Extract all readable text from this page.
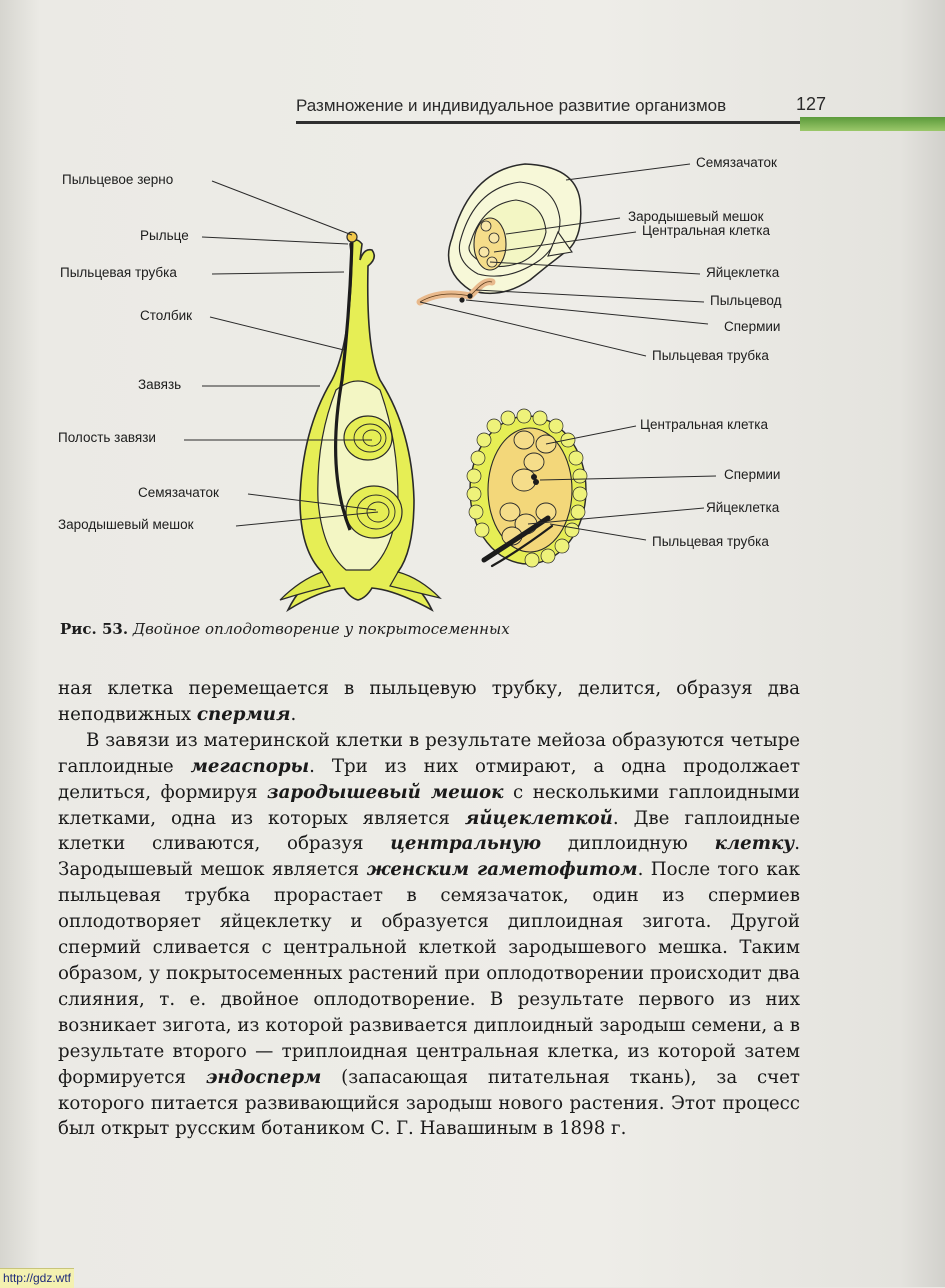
Размножение и индивидуальное развитие организмов	127
Пыльцевое зерно
Рыльце
Пыльцевая трубка
Столбик
Завязь
Полость завязи
Семязачаток
Зародышевый мешок
Семязачаток
Зародышевый мешок
Центральная клетка
Яйцеклетка
Пыльцевод
Спермии
Пыльцевая трубка
Центральная клетка
Спермии
Яйцеклетка
Пыльцевая трубка
Рис. 53. Двойное оплодотворение у покрытосеменных

ная клетка перемещается в пыльцевую трубку, делится, образуя два неподвижных спермия.

В завязи из материнской клетки в результате мейоза образуются четыре гаплоидные мегаспоры. Три из них отмирают, а одна продолжает делиться, формируя зародышевый мешок с несколькими гаплоидными клетками, одна из которых является яйцеклеткой. Две гаплоидные клетки сливаются, образуя центральную диплоидную клетку. Зародышевый мешок является женским гаметофитом. После того как пыльцевая трубка прорастает в семязачаток, один из спермиев оплодотворяет яйцеклетку и образуется диплоидная зигота. Другой спермий сливается с центральной клеткой зародышевого мешка. Таким образом, у покрытосеменных растений при оплодотворении происходит два слияния, т. е. двойное оплодотворение. В результате первого из них возникает зигота, из которой развивается диплоидный зародыш семени, а в результате второго — триплоидная центральная клетка, из которой затем формируется эндосперм (запасающая питательная ткань), за счет которого питается развивающийся зародыш нового растения. Этот процесс был открыт русским ботаником С. Г. Навашиным в 1898 г.

http://gdz.wtf
